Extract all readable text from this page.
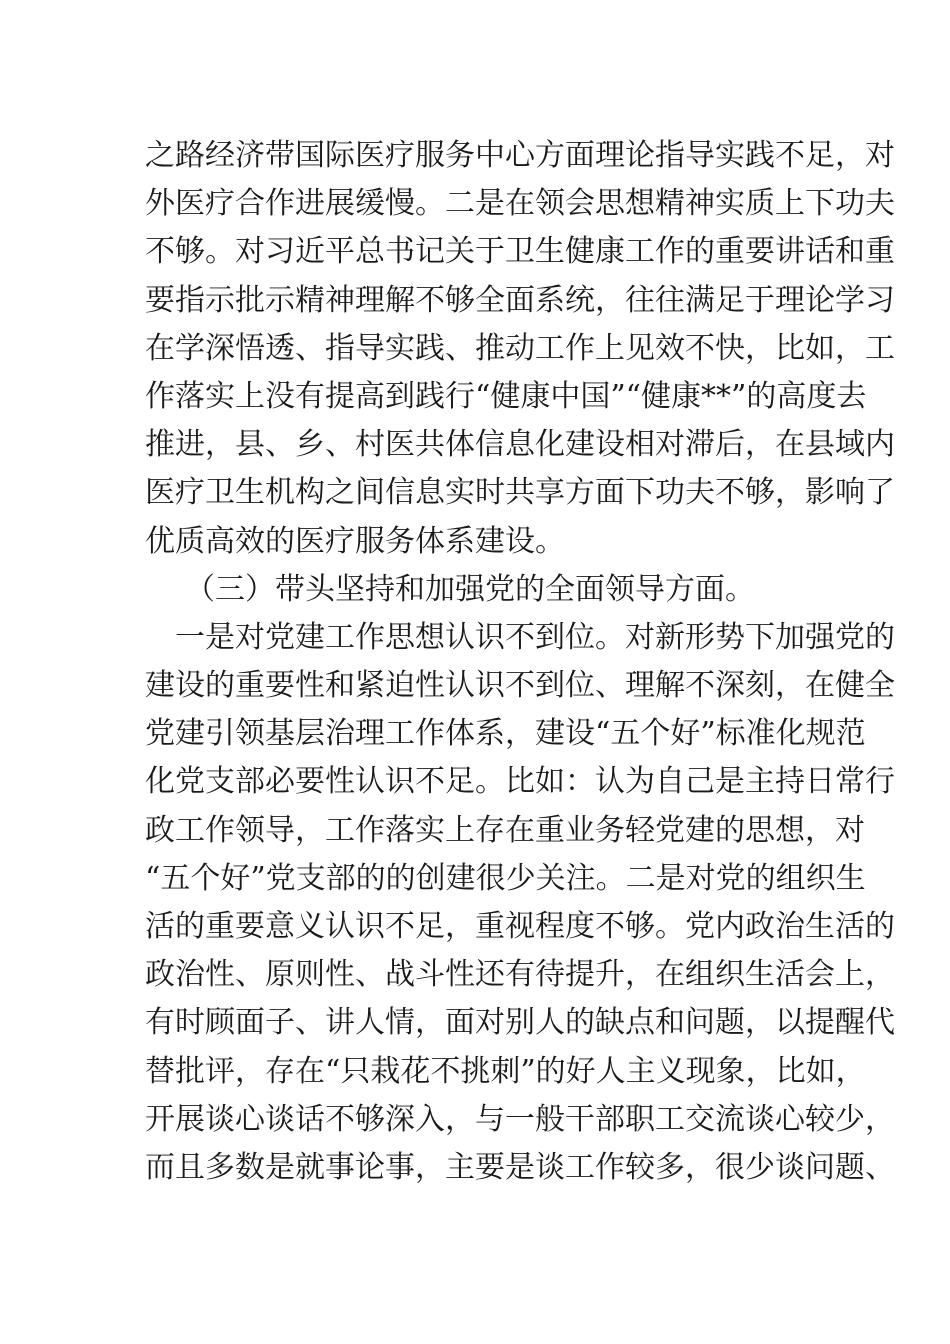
之路经济带国际医疗服务中心方面理论指导实践不足，对
外医疗合作进展缓慢。二是在领会思想精神实质上下功夫
不够。对习近平总书记关于卫生健康工作的重要讲话和重
要指示批示精神理解不够全面系统，往往满足于理论学习
在学深悟透、指导实践、推动工作上见效不快，比如，工
作落实上没有提高到践行“健康中国”“健康**”的高度去
推进，县、乡、村医共体信息化建设相对滞后，在县域内
医疗卫生机构之间信息实时共享方面下功夫不够，影响了
优质高效的医疗服务体系建设。
（三）带头坚持和加强党的全面领导方面。
一是对党建工作思想认识不到位。对新形势下加强党的
建设的重要性和紧迫性认识不到位、理解不深刻，在健全
党建引领基层治理工作体系，建设“五个好”标准化规范
化党支部必要性认识不足。比如：认为自己是主持日常行
政工作领导，工作落实上存在重业务轻党建的思想，对
“五个好”党支部的的创建很少关注。二是对党的组织生
活的重要意义认识不足，重视程度不够。党内政治生活的
政治性、原则性、战斗性还有待提升，在组织生活会上，
有时顾面子、讲人情，面对别人的缺点和问题，以提醒代
替批评，存在“只栽花不挑刺”的好人主义现象，比如，
开展谈心谈话不够深入，与一般干部职工交流谈心较少，
而且多数是就事论事，主要是谈工作较多，很少谈问题、
